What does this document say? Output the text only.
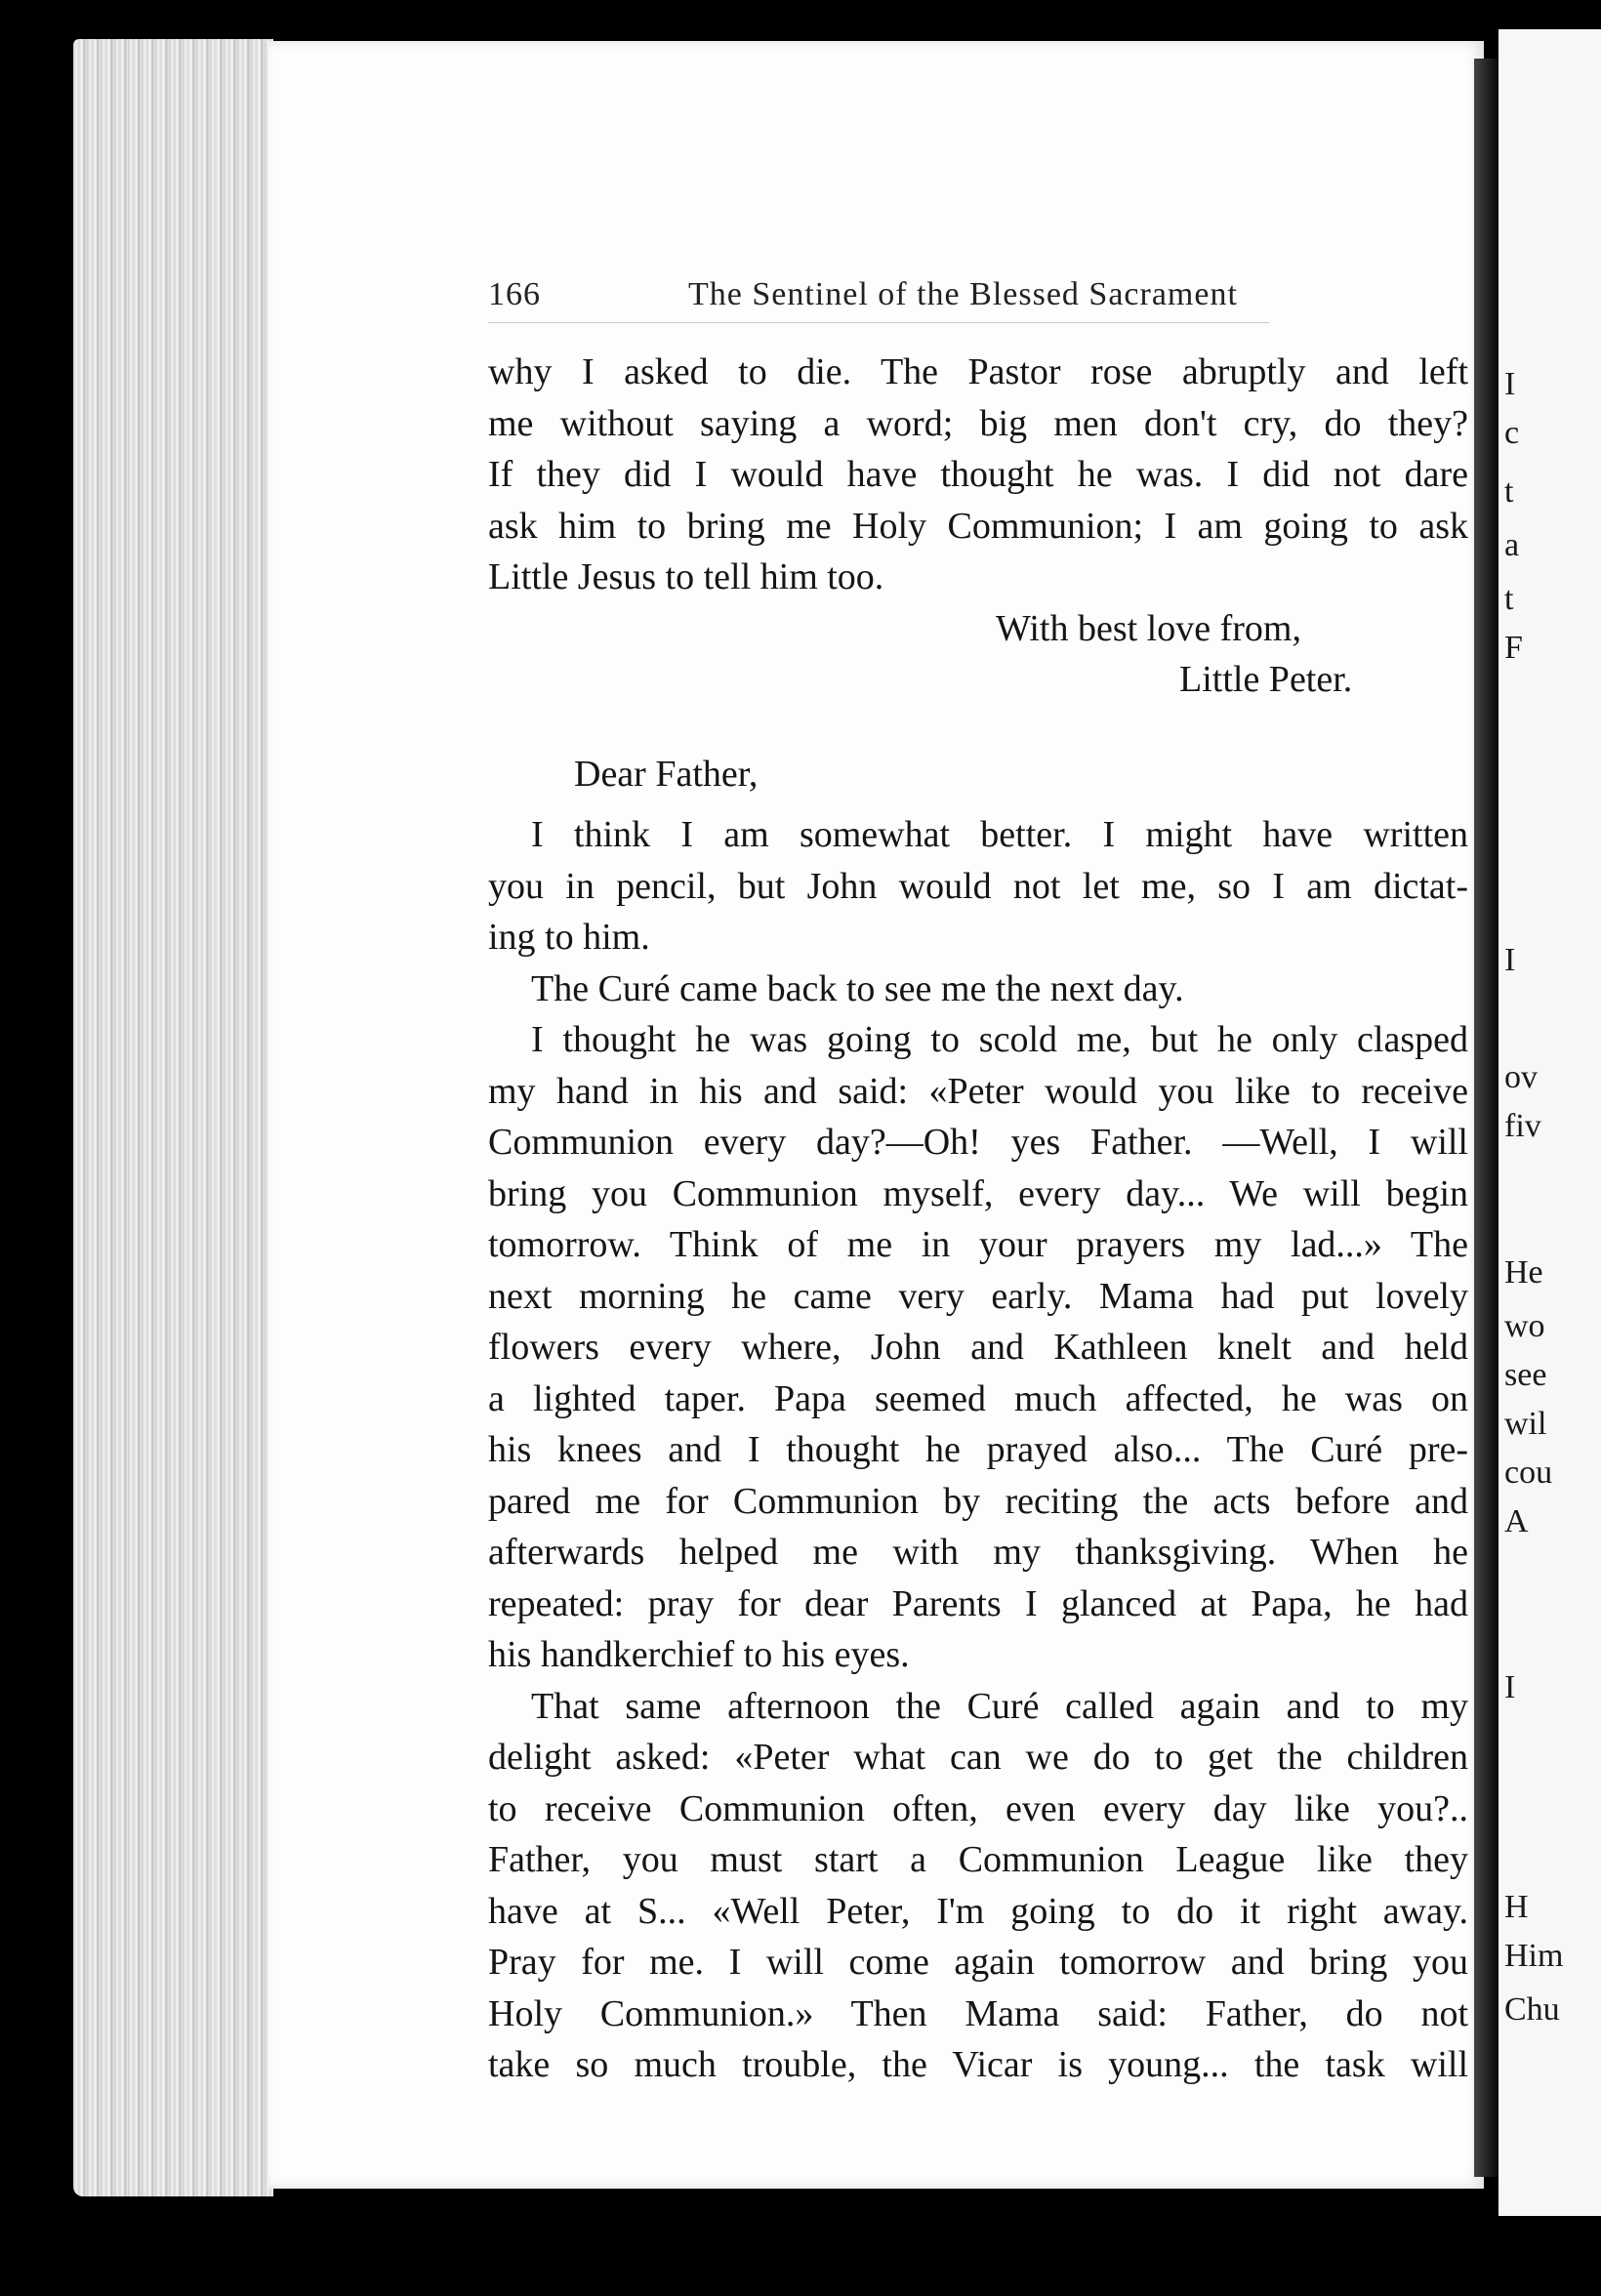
I
c
t
a
t
F
I
ov
fiv
He
wo
see
wil
cou
A
I
H
Him
Chu
166	The Sentinel of the Blessed Sacrament
why I asked to die. The Pastor rose abruptly and left
me without saying a word; big men don't cry, do they?
If they did I would have thought he was. I did not dare
ask him to bring me Holy Communion; I am going to ask
Little Jesus to tell him too.
With best love from,
Little Peter.
Dear Father,
I think I am somewhat better. I might have written
you in pencil, but John would not let me, so I am dictat-
ing to him.
The Curé came back to see me the next day.
I thought he was going to scold me, but he only clasped
my hand in his and said: «Peter would you like to receive
Communion every day?—Oh! yes Father. —Well, I will
bring you Communion myself, every day... We will begin
tomorrow. Think of me in your prayers my lad...» The
next morning he came very early. Mama had put lovely
flowers every where, John and Kathleen knelt and held
a lighted taper. Papa seemed much affected, he was on
his knees and I thought he prayed also... The Curé pre-
pared me for Communion by reciting the acts before and
afterwards helped me with my thanksgiving. When he
repeated: pray for dear Parents I glanced at Papa, he had
his handkerchief to his eyes.
That same afternoon the Curé called again and to my
delight asked: «Peter what can we do to get the children
to receive Communion often, even every day like you?..
Father, you must start a Communion League like they
have at S... «Well Peter, I'm going to do it right away.
Pray for me. I will come again tomorrow and bring you
Holy Communion.» Then Mama said: Father, do not
take so much trouble, the Vicar is young... the task will
